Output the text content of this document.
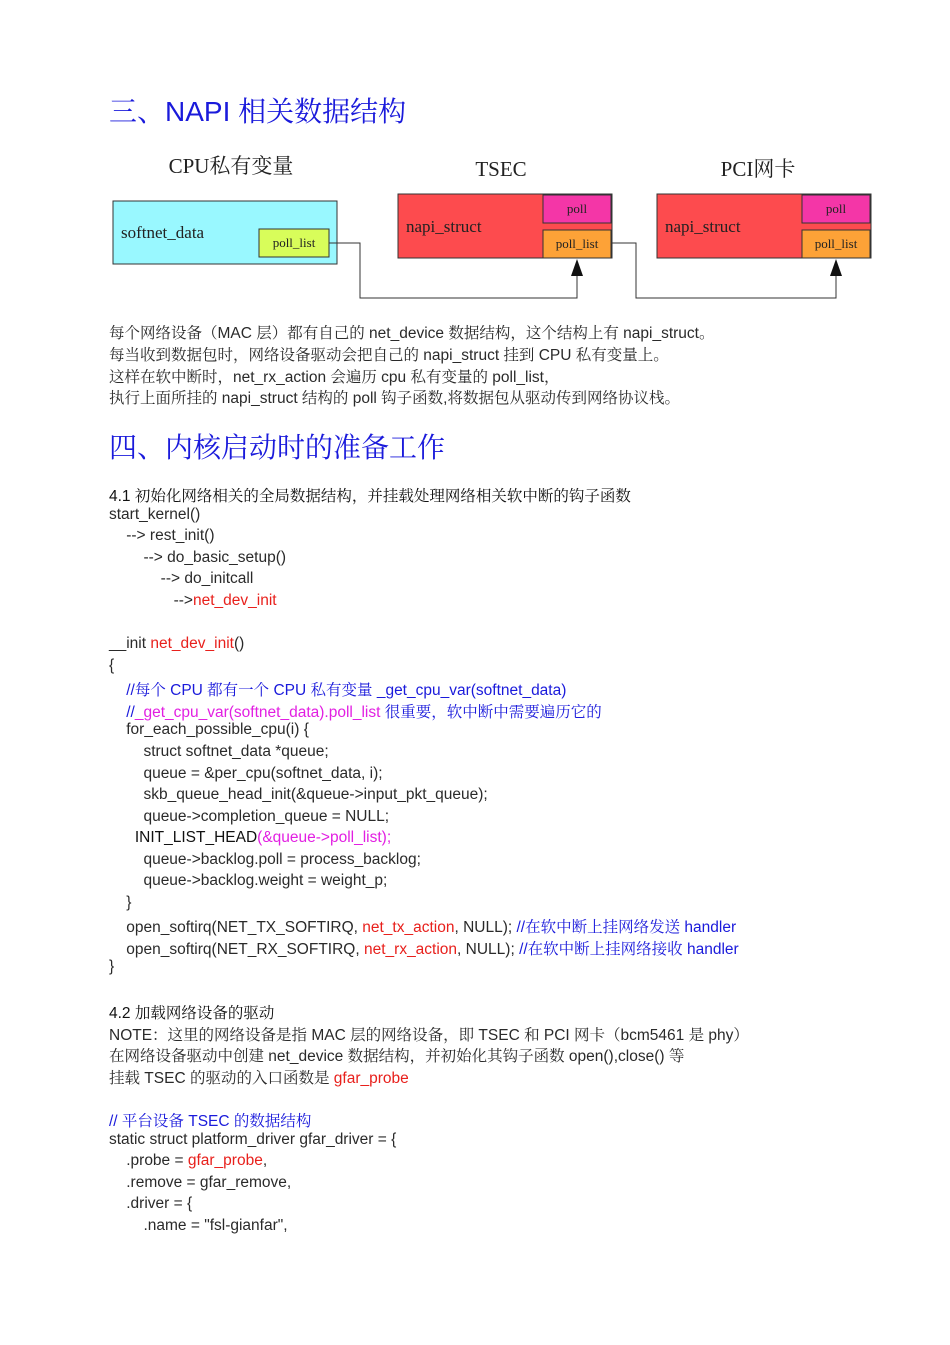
三、NAPI 相关数据结构
CPU私有变量	TSEC	PCI网卡
softnet_data
poll_list
napi_struct
poll
poll_list
napi_struct
poll
poll_list
每个网络设备（MAC 层）都有自己的 net_device 数据结构，这个结构上有 napi_struct。
每当收到数据包时，网络设备驱动会把自己的 napi_struct 挂到 CPU 私有变量上。
这样在软中断时，net_rx_action 会遍历 cpu 私有变量的 poll_list，
执行上面所挂的 napi_struct 结构的 poll 钩子函数,将数据包从驱动传到网络协议栈。
四、内核启动时的准备工作
4.1 初始化网络相关的全局数据结构，并挂载处理网络相关软中断的钩子函数
start_kernel()
--> rest_init()
--> do_basic_setup()
--> do_initcall
-->net_dev_init
__init net_dev_init()
{
//每个 CPU 都有一个 CPU 私有变量 _get_cpu_var(softnet_data)
//_get_cpu_var(softnet_data).poll_list 很重要，软中断中需要遍历它的
for_each_possible_cpu(i) {
struct softnet_data *queue;
queue = &per_cpu(softnet_data, i);
skb_queue_head_init(&queue->input_pkt_queue);
queue->completion_queue = NULL;
INIT_LIST_HEAD(&queue->poll_list);
queue->backlog.poll = process_backlog;
queue->backlog.weight = weight_p;
}
open_softirq(NET_TX_SOFTIRQ, net_tx_action, NULL); //在软中断上挂网络发送 handler
open_softirq(NET_RX_SOFTIRQ, net_rx_action, NULL); //在软中断上挂网络接收 handler
}
4.2 加载网络设备的驱动
NOTE：这里的网络设备是指 MAC 层的网络设备，即 TSEC 和 PCI 网卡（bcm5461 是 phy）
在网络设备驱动中创建 net_device 数据结构，并初始化其钩子函数 open(),close() 等
挂载 TSEC 的驱动的入口函数是 gfar_probe
// 平台设备 TSEC 的数据结构
static struct platform_driver gfar_driver = {
.probe = gfar_probe,
.remove = gfar_remove,
.driver = {
.name = "fsl-gianfar",
